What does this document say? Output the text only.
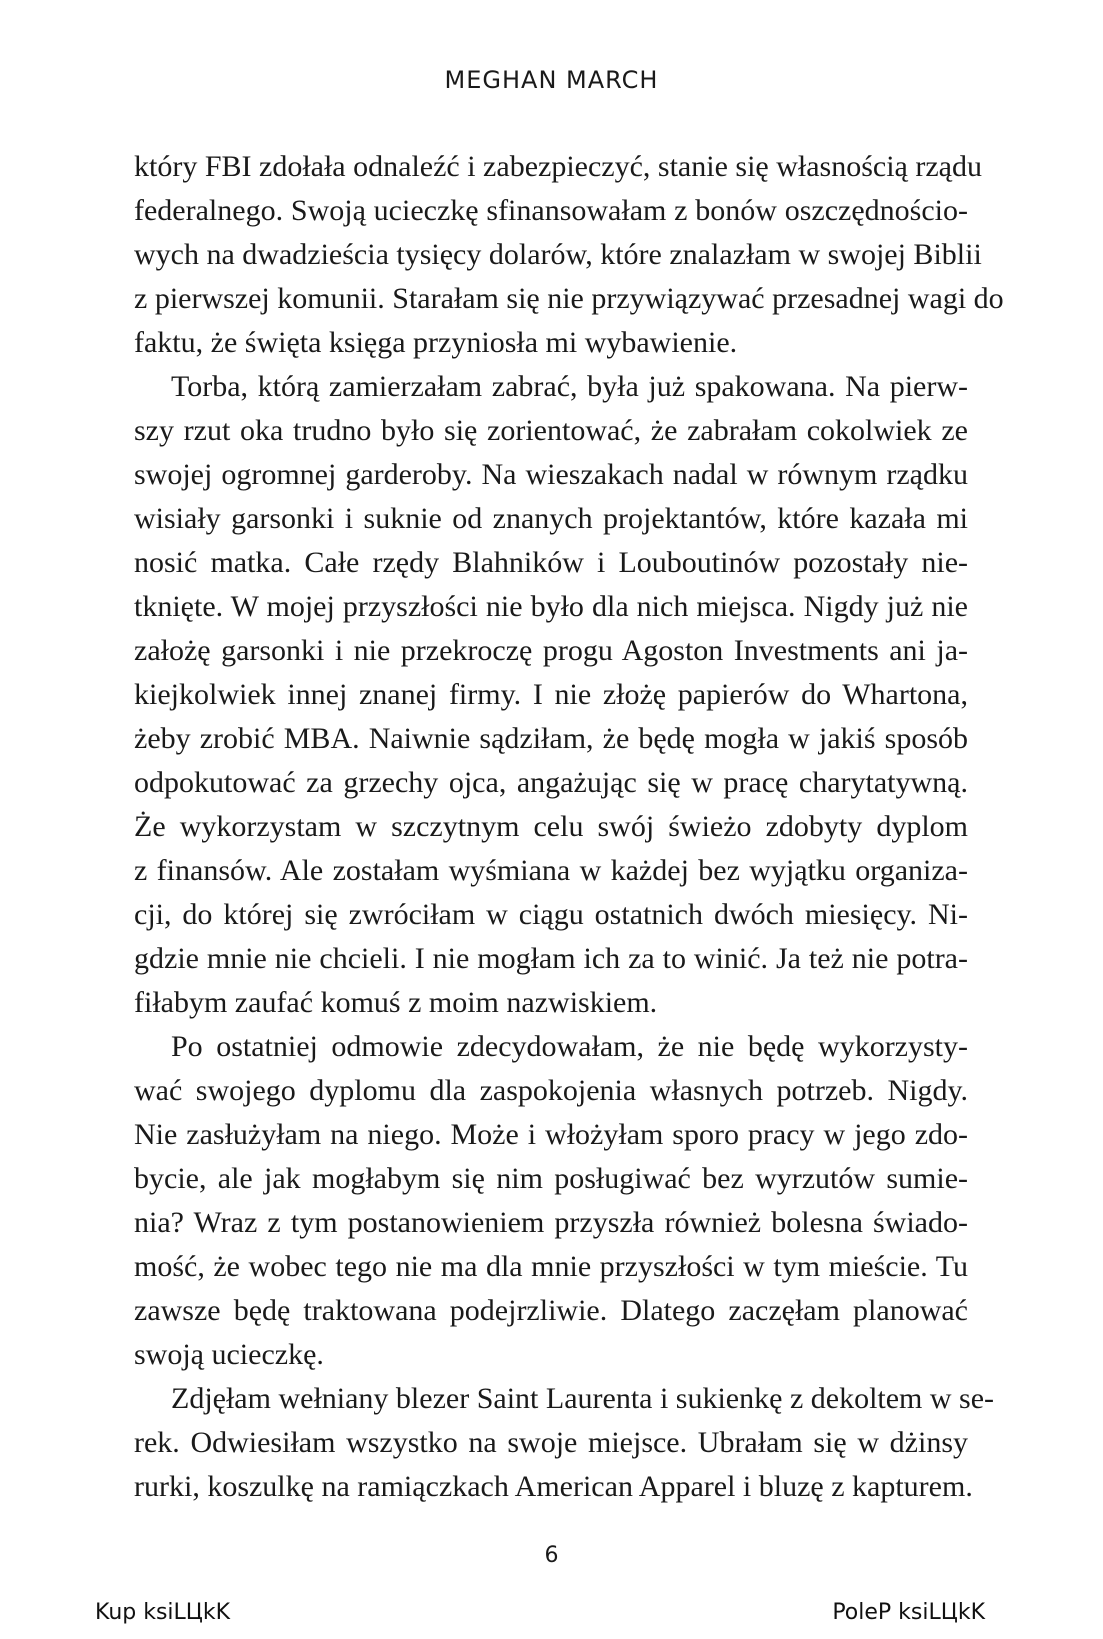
MEGHAN MARCH
który FBI zdołała odnaleźć i zabezpieczyć, stanie się własnością rządu
federalnego. Swoją ucieczkę sfinansowałam z bonów oszczędnościo-
wych na dwadzieścia tysięcy dolarów, które znalazłam w swojej Biblii
z pierwszej komunii. Starałam się nie przywiązywać przesadnej wagi do
faktu, że święta księga przyniosła mi wybawienie.
Torba, którą zamierzałam zabrać, była już spakowana. Na pierw-
szy rzut oka trudno było się zorientować, że zabrałam cokolwiek ze
swojej ogromnej garderoby. Na wieszakach nadal w równym rządku
wisiały garsonki i suknie od znanych projektantów, które kazała mi
nosić matka. Całe rzędy Blahników i Louboutinów pozostały nie-
tknięte. W mojej przyszłości nie było dla nich miejsca. Nigdy już nie
założę garsonki i nie przekroczę progu Agoston Investments ani ja-
kiejkolwiek innej znanej firmy. I nie złożę papierów do Whartona,
żeby zrobić MBA. Naiwnie sądziłam, że będę mogła w jakiś sposób
odpokutować za grzechy ojca, angażując się w pracę charytatywną.
Że wykorzystam w szczytnym celu swój świeżo zdobyty dyplom
z finansów. Ale zostałam wyśmiana w każdej bez wyjątku organiza-
cji, do której się zwróciłam w ciągu ostatnich dwóch miesięcy. Ni-
gdzie mnie nie chcieli. I nie mogłam ich za to winić. Ja też nie potra-
fiłabym zaufać komuś z moim nazwiskiem.
Po ostatniej odmowie zdecydowałam, że nie będę wykorzysty-
wać swojego dyplomu dla zaspokojenia własnych potrzeb. Nigdy.
Nie zasłużyłam na niego. Może i włożyłam sporo pracy w jego zdo-
bycie, ale jak mogłabym się nim posługiwać bez wyrzutów sumie-
nia? Wraz z tym postanowieniem przyszła również bolesna świado-
mość, że wobec tego nie ma dla mnie przyszłości w tym mieście. Tu
zawsze będę traktowana podejrzliwie. Dlatego zaczęłam planować
swoją ucieczkę.
Zdjęłam wełniany blezer Saint Laurenta i sukienkę z dekoltem w se-
rek. Odwiesiłam wszystko na swoje miejsce. Ubrałam się w dżinsy
rurki, koszulkę na ramiączkach American Apparel i bluzę z kapturem.
6
Kup ksiLЦkK	PoleP ksiLЦkK
